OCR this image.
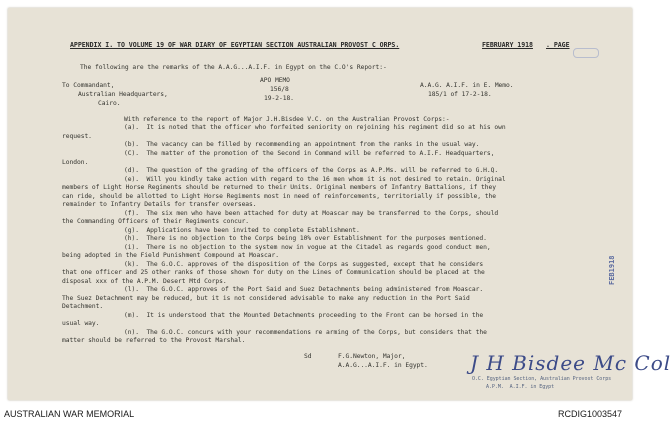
APPENDIX I. TO VOLUME 19 OF WAR DIARY OF EGYPTIAN SECTION AUSTRALIAN PROVOST C ORPS.	FEBRUARY 1918 . PAGE
The following are the remarks of the A.A.G...A.I.F. in Egypt on the C.O's Report:-
To Commandant,
Australian Headquarters,
Cairo.
APO MEMO
156/8
19-2-18.
A.A.G. A.I.F. in E. Memo.
185/1 of 17-2-18.
With reference to the report of Major J.H.Bisdee V.C. on the Australian Provost Corps:-
(a).  It is noted that the officer who forfeited seniority on rejoining his regiment did so at his own
request.
(b).  The vacancy can be filled by recommending an appointment from the ranks in the usual way.
(C).  The matter of the promotion of the Second in Command will be referred to A.I.F. Headquarters,
London.
(d).  The question of the grading of the officers of the Corps as A.P.Ms. will be referred to G.H.Q.
(e).  Will you kindly take action with regard to the 16 men whom it is not desired to retain. Original
members of Light Horse Regiments should be returned to their Units. Original members of Infantry Battalions, if they
can ride, should be allotted to Light Horse Regiments most in need of reinforcements, territorially if possible, the
remainder to Infantry Details for transfer overseas.
(f).  The six men who have been attached for duty at Moascar may be transferred to the Corps, should
the Commanding Officers of their Regiments concur.
(g).  Applications have been invited to complete Establishment.
(h).  There is no objection to the Corps being 10% over Establishment for the purposes mentioned.
(i).  There is no objection to the system now in vogue at the Citadel as regards good conduct men,
being adopted in the Field Punishment Compound at Moascar.
(k).  The G.O.C. approves of the disposition of the Corps as suggested, except that he considers
that one officer and 25 other ranks of those shown for duty on the Lines of Communication should be placed at the
disposal xxx of the A.P.M. Desert Mtd Corps.
(l).  The G.O.C. approves of the Port Said and Suez Detachments being administered from Moascar.
The Suez Detachment may be reduced, but it is not considered advisable to make any reduction in the Port Said
Detachment.
(m).  It is understood that the Mounted Detachments proceeding to the Front can be horsed in the
usual way.
(n).  The G.O.C. concurs with your recommendations re arming of the Corps, but considers that the
matter should be referred to the Provost Marshal.
Sd	F.G.Newton, Major,
A.A.G...A.I.F. in Egypt. J H Bisdee Mc Col
O.C. Egyptian Section, Australian Provost Corps
A.P.M.  A.I.F. in Egypt
FEB1918
AUSTRALIAN WAR MEMORIAL	RCDIG1003547
